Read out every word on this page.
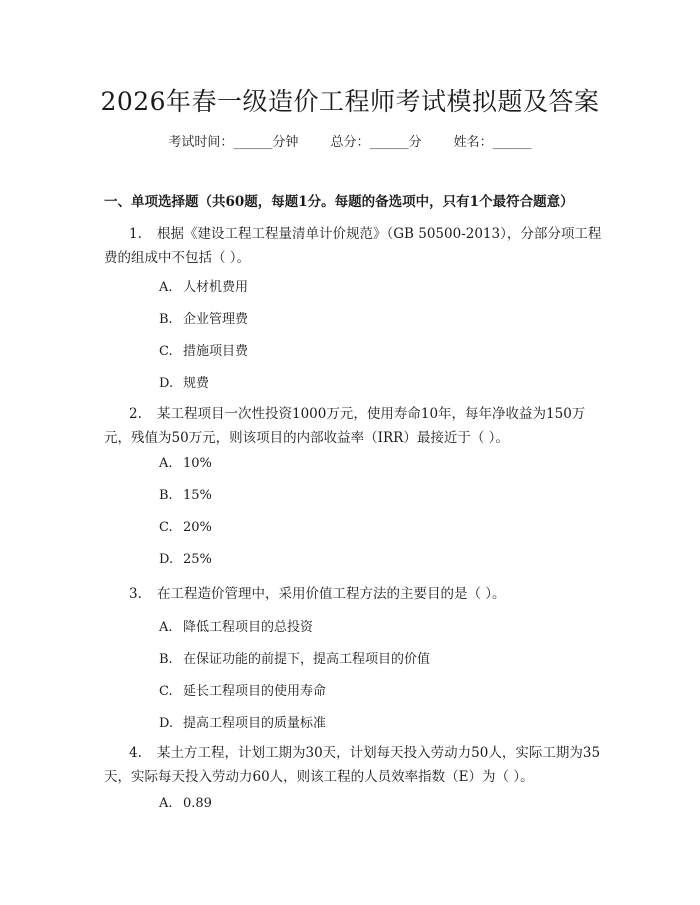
2026年春一级造价工程师考试模拟题及答案
考试时间：______分钟 总分：______分 姓名：______
一、单项选择题（共60题，每题1分。每题的备选项中，只有1个最符合题意）
1. 根据《建设工程工程量清单计价规范》（GB 50500-2013），分部分项工程费的组成中不包括（ ）。
A. 人材机费用
B. 企业管理费
C. 措施项目费
D. 规费
2. 某工程项目一次性投资1000万元，使用寿命10年，每年净收益为150万元，残值为50万元，则该项目的内部收益率（IRR）最接近于（ ）。
A. 10%
B. 15%
C. 20%
D. 25%
3. 在工程造价管理中，采用价值工程方法的主要目的是（ ）。
A. 降低工程项目的总投资
B. 在保证功能的前提下，提高工程项目的价值
C. 延长工程项目的使用寿命
D. 提高工程项目的质量标准
4. 某土方工程，计划工期为30天，计划每天投入劳动力50人，实际工期为35天，实际每天投入劳动力60人，则该工程的人员效率指数（E）为（ ）。
A. 0.89
